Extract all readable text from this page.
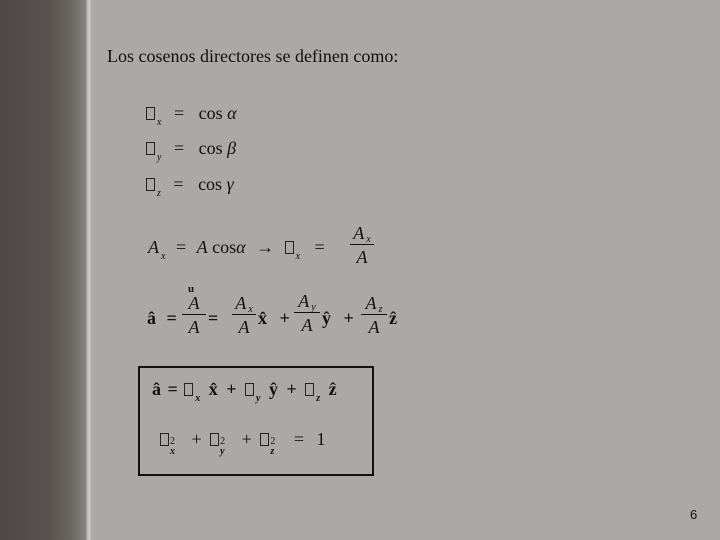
Los cosenos directores se definen como:
$_x$ = cos α
$_y$ = cos β
$_z$ = cos γ
A $_x$ = A $\cos\alpha \to _x = \frac{\text{A x}}{A}$
â =
u
$\frac{A}{A} = \frac{\text{A x}}{A}$ x̂ + $\frac{\text{A y}}{A}$ ŷ + $\frac{\text{A z}}{A}$ ẑ
â = $_x$ x̂ + $_y$ ŷ + $_z$ ẑ
2
x
+ 2
y
+ 2
z
= 1
6
